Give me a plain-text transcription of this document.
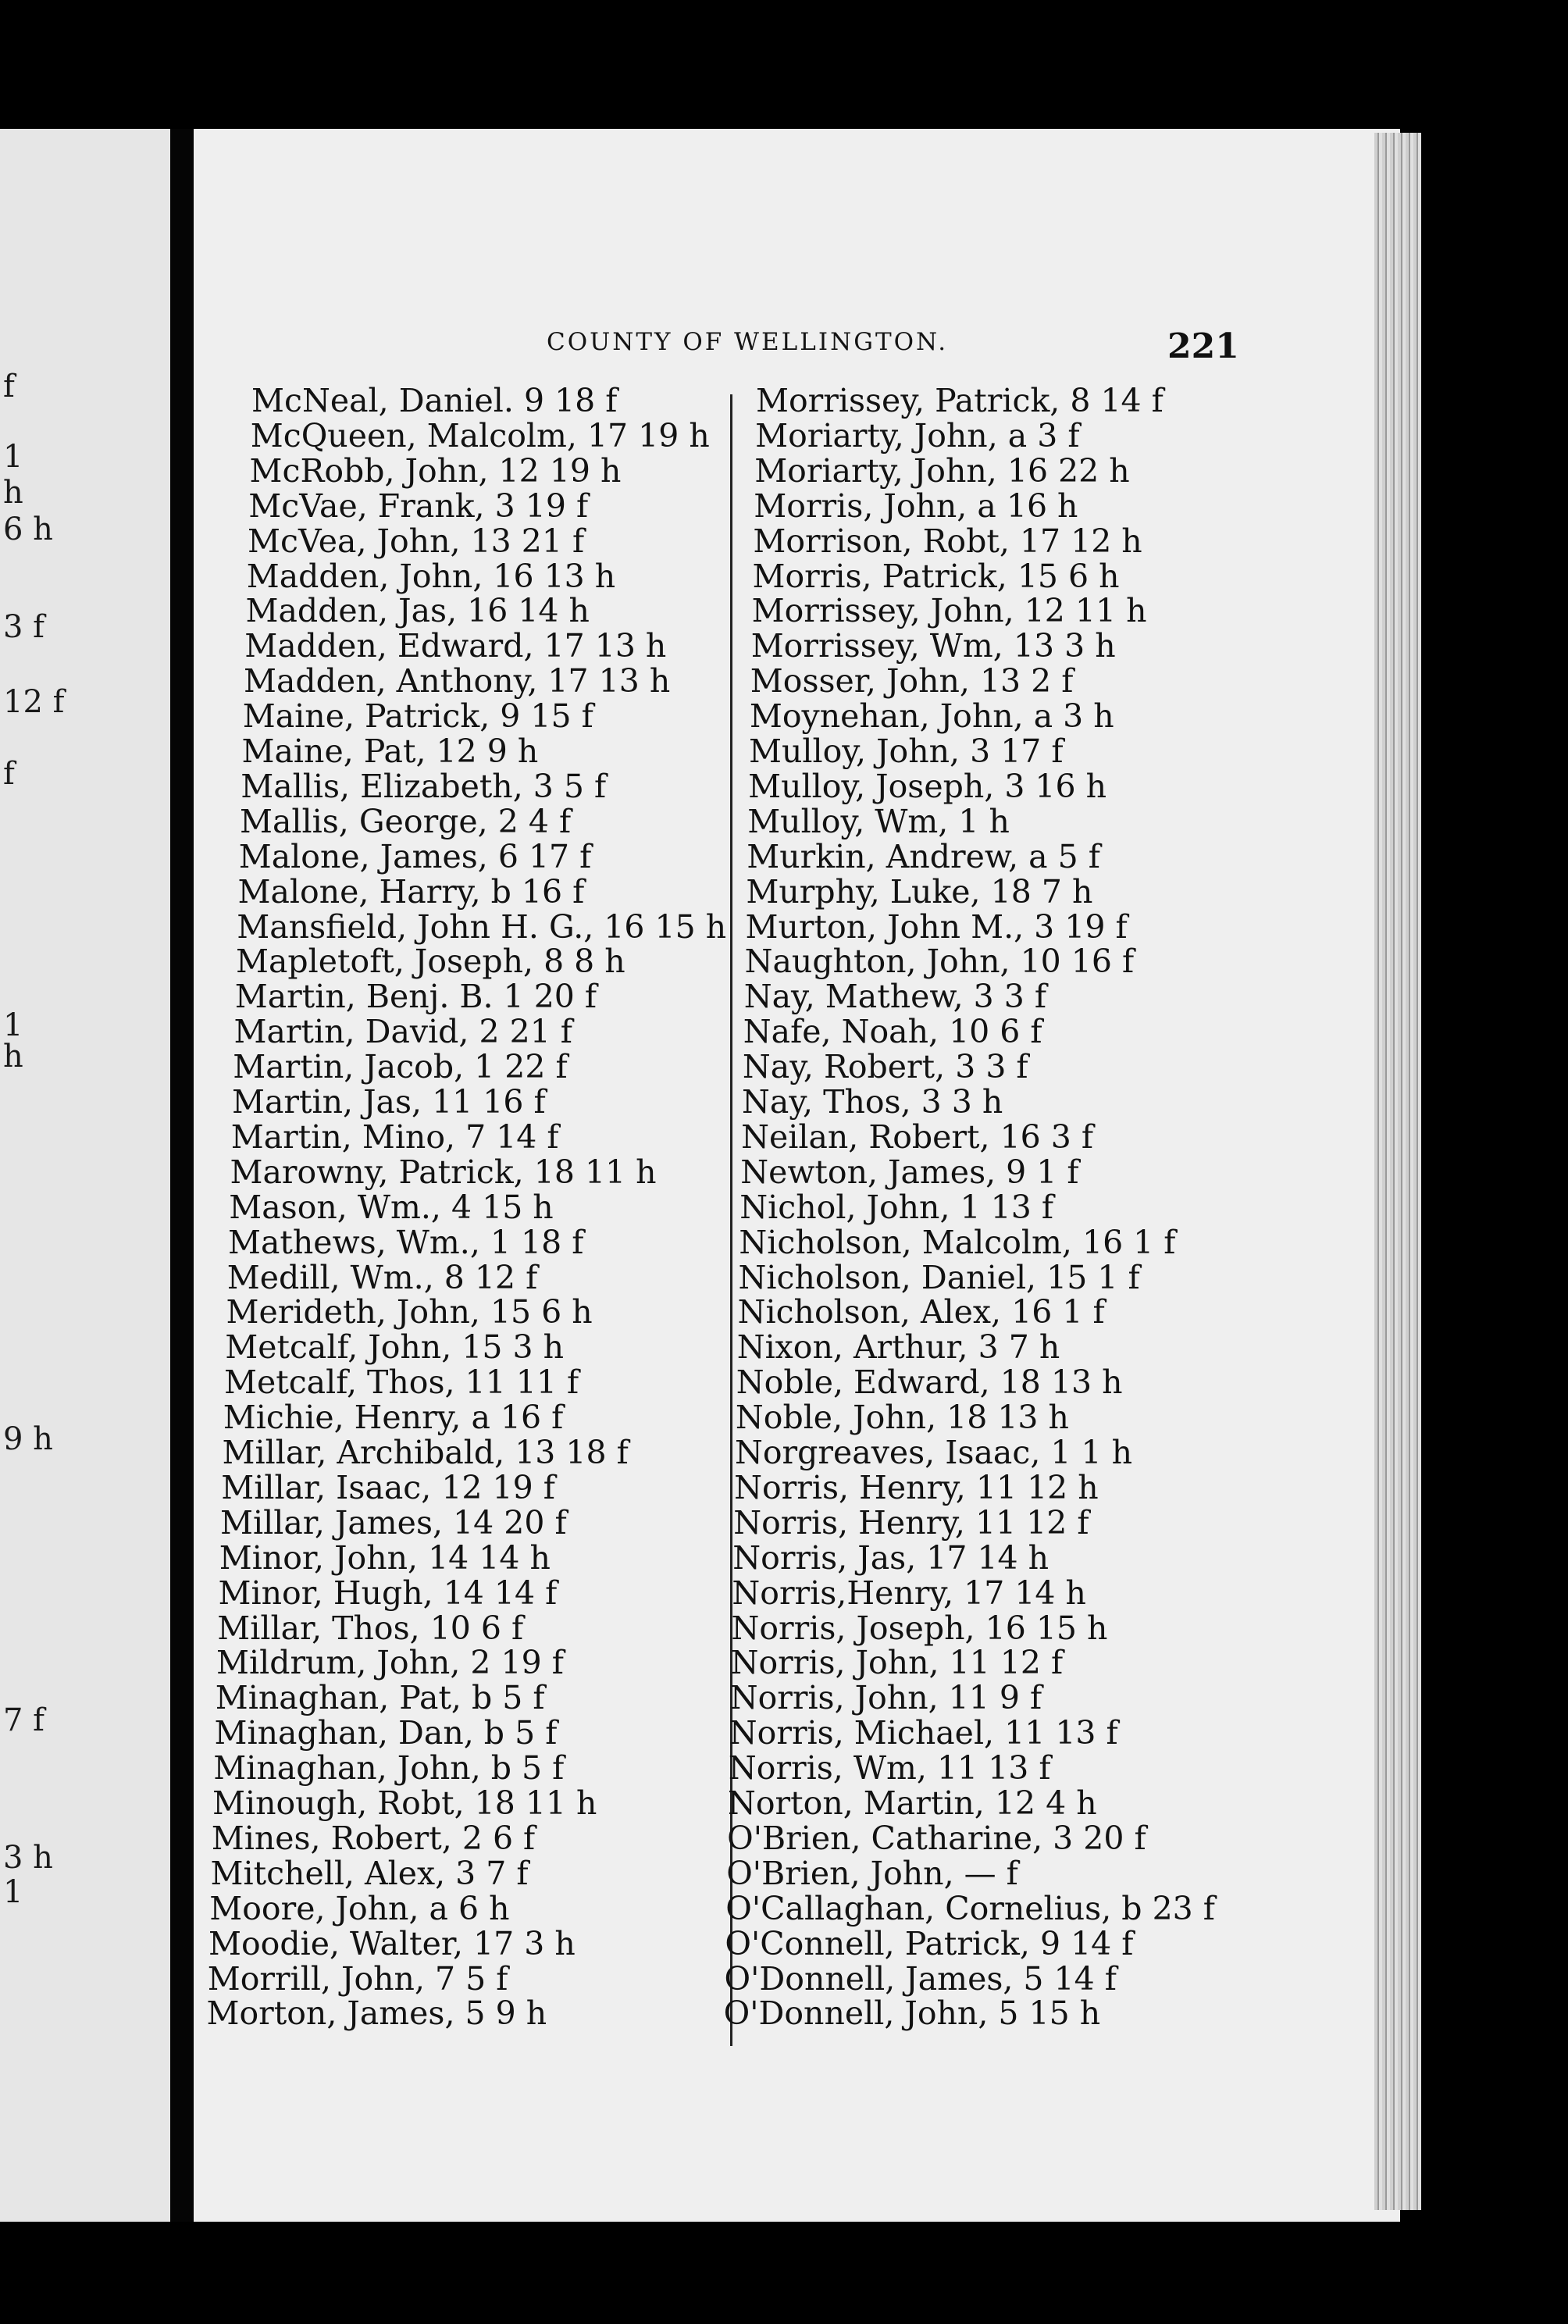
f
1
h
6 h
3 f
12 f
f
1
h
9 h
7 f
3 h
1
COUNTY OF WELLINGTON.	221
McNeal, Daniel. 9 18 f
McQueen, Malcolm, 17 19 h
McRobb, John, 12 19 h
McVae, Frank, 3 19 f
McVea, John, 13 21 f
Madden, John, 16 13 h
Madden, Jas, 16 14 h
Madden, Edward, 17 13 h
Madden, Anthony, 17 13 h
Maine, Patrick, 9 15 f
Maine, Pat, 12 9 h
Mallis, Elizabeth, 3 5 f
Mallis, George, 2 4 f
Malone, James, 6 17 f
Malone, Harry, b 16 f
Mansfield, John H. G., 16 15 h
Mapletoft, Joseph, 8 8 h
Martin, Benj. B. 1 20 f
Martin, David, 2 21 f
Martin, Jacob, 1 22 f
Martin, Jas, 11 16 f
Martin, Mino, 7 14 f
Marowny, Patrick, 18 11 h
Mason, Wm., 4 15 h
Mathews, Wm., 1 18 f
Medill, Wm., 8 12 f
Merideth, John, 15 6 h
Metcalf, John, 15 3 h
Metcalf, Thos, 11 11 f
Michie, Henry, a 16 f
Millar, Archibald, 13 18 f
Millar, Isaac, 12 19 f
Millar, James, 14 20 f
Minor, John, 14 14 h
Minor, Hugh, 14 14 f
Millar, Thos, 10 6 f
Mildrum, John, 2 19 f
Minaghan, Pat, b 5 f
Minaghan, Dan, b 5 f
Minaghan, John, b 5 f
Minough, Robt, 18 11 h
Mines, Robert, 2 6 f
Mitchell, Alex, 3 7 f
Moore, John, a 6 h
Moodie, Walter, 17 3 h
Morrill, John, 7 5 f
Morton, James, 5 9 h
Morrissey, Patrick, 8 14 f
Moriarty, John, a 3 f
Moriarty, John, 16 22 h
Morris, John, a 16 h
Morrison, Robt, 17 12 h
Morris, Patrick, 15 6 h
Morrissey, John, 12 11 h
Morrissey, Wm, 13 3 h
Mosser, John, 13 2 f
Moynehan, John, a 3 h
Mulloy, John, 3 17 f
Mulloy, Joseph, 3 16 h
Mulloy, Wm, 1 h
Murkin, Andrew, a 5 f
Murphy, Luke, 18 7 h
Murton, John M., 3 19 f
Naughton, John, 10 16 f
Nay, Mathew, 3 3 f
Nafe, Noah, 10 6 f
Nay, Robert, 3 3 f
Nay, Thos, 3 3 h
Neilan, Robert, 16 3 f
Newton, James, 9 1 f
Nichol, John, 1 13 f
Nicholson, Malcolm, 16 1 f
Nicholson, Daniel, 15 1 f
Nicholson, Alex, 16 1 f
Nixon, Arthur, 3 7 h
Noble, Edward, 18 13 h
Noble, John, 18 13 h
Norgreaves, Isaac, 1 1 h
Norris, Henry, 11 12 h
Norris, Henry, 11 12 f
Norris, Jas, 17 14 h
Norris,Henry, 17 14 h
Norris, Joseph, 16 15 h
Norris, John, 11 12 f
Norris, John, 11 9 f
Norris, Michael, 11 13 f
Norris, Wm, 11 13 f
Norton, Martin, 12 4 h
O'Brien, Catharine, 3 20 f
O'Brien, John, — f
O'Callaghan, Cornelius, b 23 f
O'Connell, Patrick, 9 14 f
O'Donnell, James, 5 14 f
O'Donnell, John, 5 15 h
